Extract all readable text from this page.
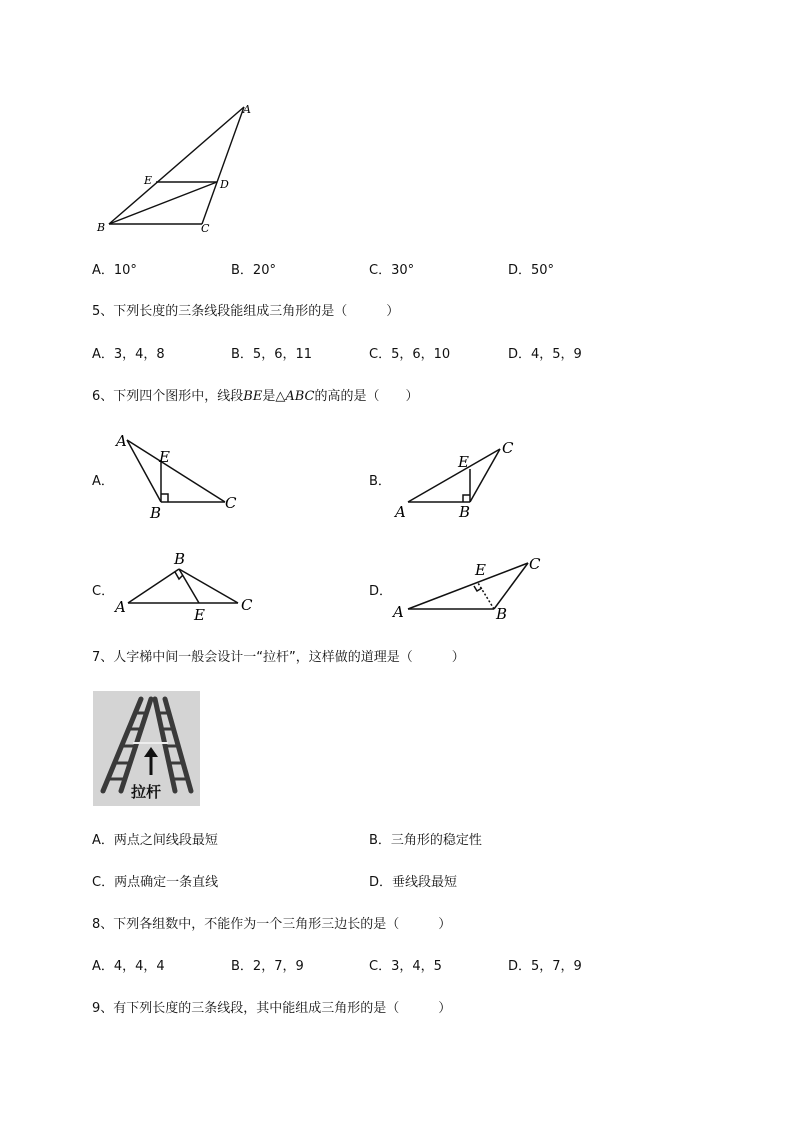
A
E	D
B	C

A．10°

	B．20°

	C．30°

	D．50°

5、下列长度的三条线段能组成三角形的是（　　　）

A．3，4，8

	B．5，6，11

	C．5，6，10

	D．4，5，9

6、下列四个图形中，线段BE是△ABC的高的是（　　）
A．
A
E
B
C
B．
C
E
A	B
C．
B
A	E
C
D．
E	C
A	B
7、人字梯中间一般会设计一“拉杆”，这样做的道理是（　　　）
拉杆

A．两点之间线段最短

	B．三角形的稳定性

C．两点确定一条直线

	D．垂线段最短

8、下列各组数中，不能作为一个三角形三边长的是（　　　）

A．4，4，4

	B．2，7，9

	C．3，4，5

	D．5，7，9

9、有下列长度的三条线段，其中能组成三角形的是（　　　）
